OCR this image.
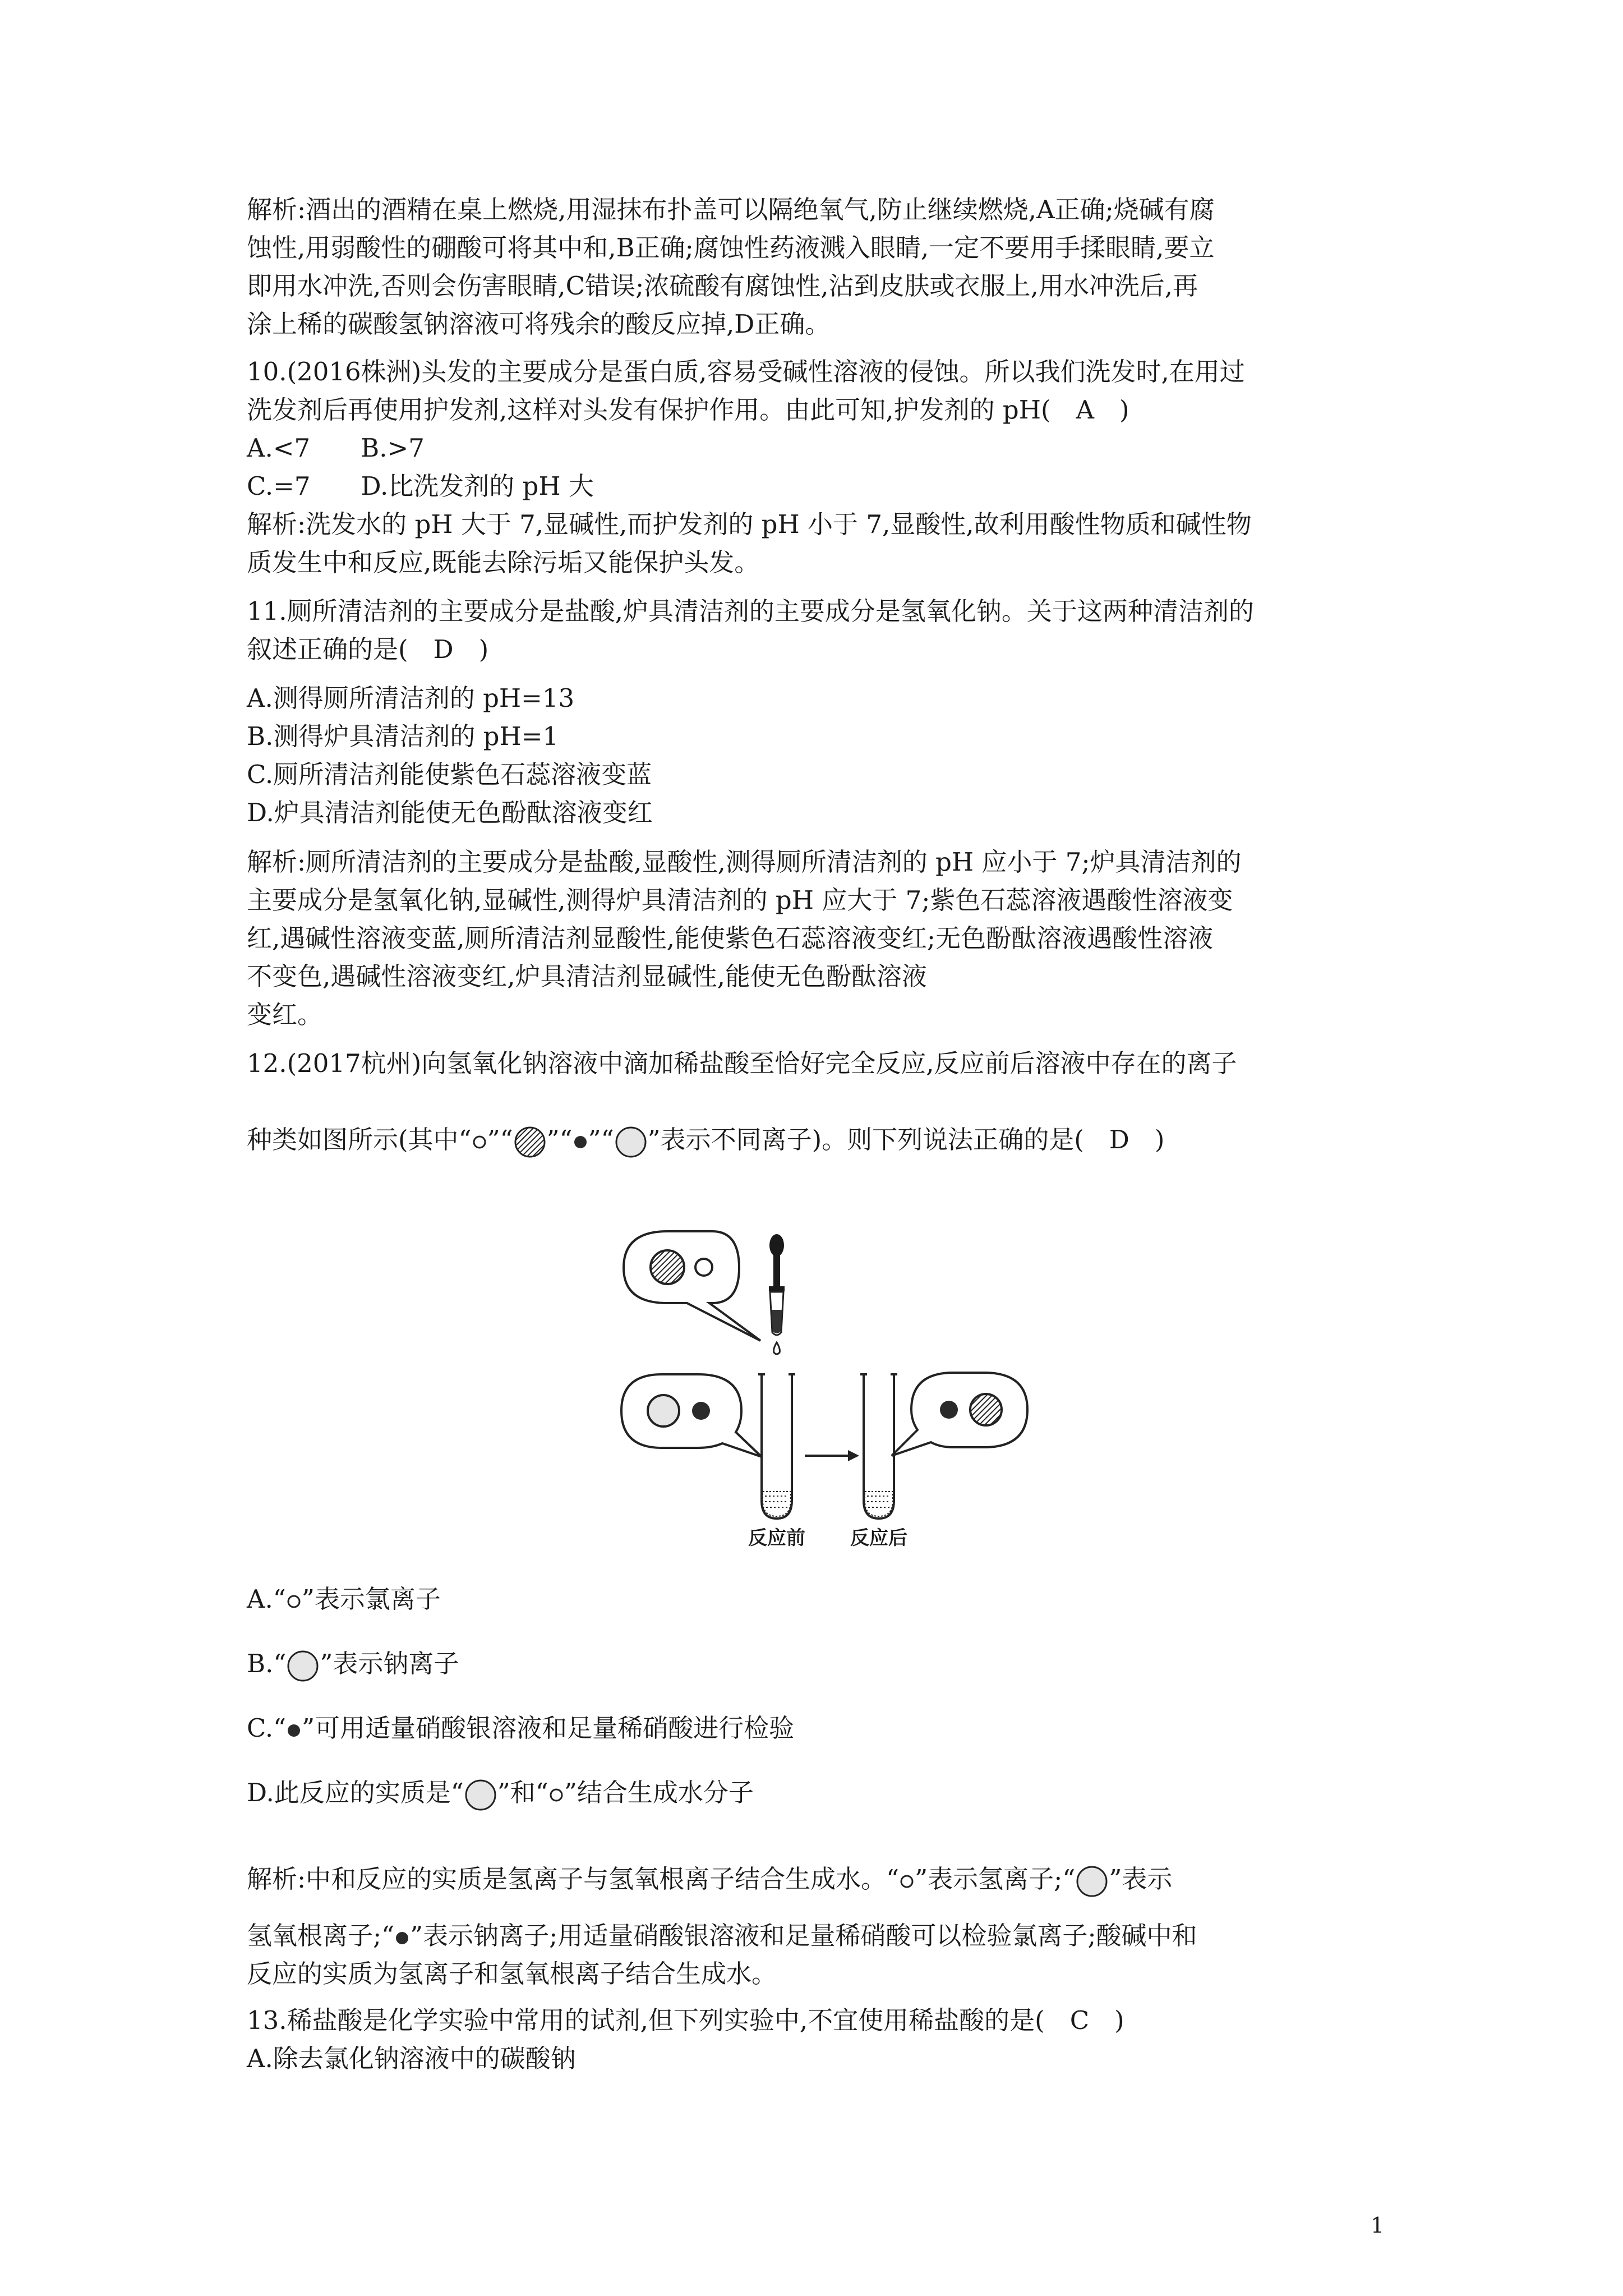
解析:酒出的酒精在桌上燃烧,用湿抹布扑盖可以隔绝氧气,防止继续燃烧,A正确;烧碱有腐
蚀性,用弱酸性的硼酸可将其中和,B正确;腐蚀性药液溅入眼睛,一定不要用手揉眼睛,要立
即用水冲洗,否则会伤害眼睛,C错误;浓硫酸有腐蚀性,沾到皮肤或衣服上,用水冲洗后,再
涂上稀的碳酸氢钠溶液可将残余的酸反应掉,D正确。
10.(2016株洲)头发的主要成分是蛋白质,容易受碱性溶液的侵蚀。所以我们洗发时,在用过
洗发剂后再使用护发剂,这样对头发有保护作用。由此可知,护发剂的 pH(　A　)
A.<7　　B.>7
C.=7　　D.比洗发剂的 pH 大
解析:洗发水的 pH 大于 7,显碱性,而护发剂的 pH 小于 7,显酸性,故利用酸性物质和碱性物
质发生中和反应,既能去除污垢又能保护头发。
11.厕所清洁剂的主要成分是盐酸,炉具清洁剂的主要成分是氢氧化钠。关于这两种清洁剂的
叙述正确的是(　D　)
A.测得厕所清洁剂的 pH=13
B.测得炉具清洁剂的 pH=1
C.厕所清洁剂能使紫色石蕊溶液变蓝
D.炉具清洁剂能使无色酚酞溶液变红
解析:厕所清洁剂的主要成分是盐酸,显酸性,测得厕所清洁剂的 pH 应小于 7;炉具清洁剂的
主要成分是氢氧化钠,显碱性,测得炉具清洁剂的 pH 应大于 7;紫色石蕊溶液遇酸性溶液变
红,遇碱性溶液变蓝,厕所清洁剂显酸性,能使紫色石蕊溶液变红;无色酚酞溶液遇酸性溶液
不变色,遇碱性溶液变红,炉具清洁剂显碱性,能使无色酚酞溶液
变红。
12.(2017杭州)向氢氧化钠溶液中滴加稀盐酸至恰好完全反应,反应前后溶液中存在的离子
种类如图所示(其中“ ”“ ”“ ”“ ”表示不同离子)。则下列说法正确的是(　D　)
反应前 反应后
A.“ ”表示氯离子
B.“ ”表示钠离子
C.“ ”可用适量硝酸银溶液和足量稀硝酸进行检验
D.此反应的实质是“ ”和“ ”结合生成水分子
解析:中和反应的实质是氢离子与氢氧根离子结合生成水。“ ”表示氢离子;“ ”表示
氢氧根离子;“ ”表示钠离子;用适量硝酸银溶液和足量稀硝酸可以检验氯离子;酸碱中和
反应的实质为氢离子和氢氧根离子结合生成水。
13.稀盐酸是化学实验中常用的试剂,但下列实验中,不宜使用稀盐酸的是(　C　)
A.除去氯化钠溶液中的碳酸钠
1
